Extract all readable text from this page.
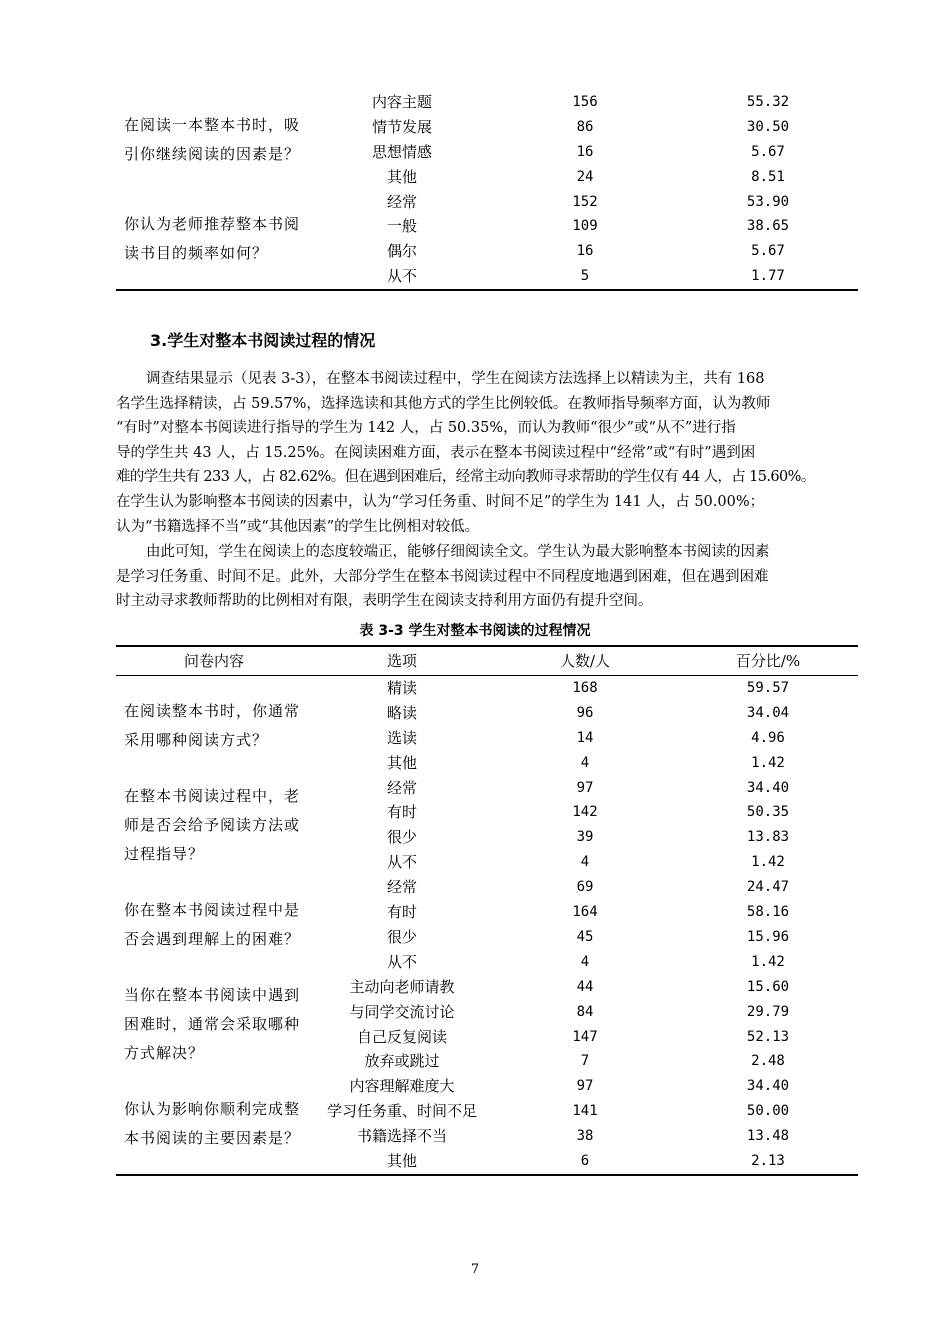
在阅读一本整本书时，吸引你继续阅读的因素是？
内容主题	156	55.32
情节发展	86	30.50
思想情感	16	5.67
其他	24	8.51
你认为老师推荐整本书阅读书目的频率如何？
经常	152	53.90
一般	109	38.65
偶尔	16	5.67
从不	5	1.77
3.学生对整本书阅读过程的情况
调查结果显示（见表 3-3），在整本书阅读过程中，学生在阅读方法选择上以精读为主，共有 168
名学生选择精读，占 59.57%，选择选读和其他方式的学生比例较低。在教师指导频率方面，认为教师
“有时”对整本书阅读进行指导的学生为 142 人，占 50.35%，而认为教师“很少”或“从不”进行指
导的学生共 43 人，占 15.25%。在阅读困难方面，表示在整本书阅读过程中“经常”或“有时”遇到困
难的学生共有 233 人，占 82.62%。但在遇到困难后，经常主动向教师寻求帮助的学生仅有 44 人，占 15.60%。
在学生认为影响整本书阅读的因素中，认为“学习任务重、时间不足”的学生为 141 人，占 50.00%；
认为“书籍选择不当”或“其他因素”的学生比例相对较低。
由此可知，学生在阅读上的态度较端正，能够仔细阅读全文。学生认为最大影响整本书阅读的因素
是学习任务重、时间不足。此外，大部分学生在整本书阅读过程中不同程度地遇到困难，但在遇到困难
时主动寻求教师帮助的比例相对有限，表明学生在阅读支持利用方面仍有提升空间。
表 3-3 学生对整本书阅读的过程情况
问卷内容	选项	人数/人	百分比/%
在阅读整本书时，你通常采用哪种阅读方式？
精读	168	59.57
略读	96	34.04
选读	14	4.96
其他	4	1.42
在整本书阅读过程中，老师是否会给予阅读方法或过程指导？
经常	97	34.40
有时	142	50.35
很少	39	13.83
从不	4	1.42
你在整本书阅读过程中是否会遇到理解上的困难？
经常	69	24.47
有时	164	58.16
很少	45	15.96
从不	4	1.42
当你在整本书阅读中遇到困难时，通常会采取哪种方式解决？
主动向老师请教	44	15.60
与同学交流讨论	84	29.79
自己反复阅读	147	52.13
放弃或跳过	7	2.48
你认为影响你顺利完成整本书阅读的主要因素是？
内容理解难度大	97	34.40
学习任务重、时间不足	141	50.00
书籍选择不当	38	13.48
其他	6	2.13
7
